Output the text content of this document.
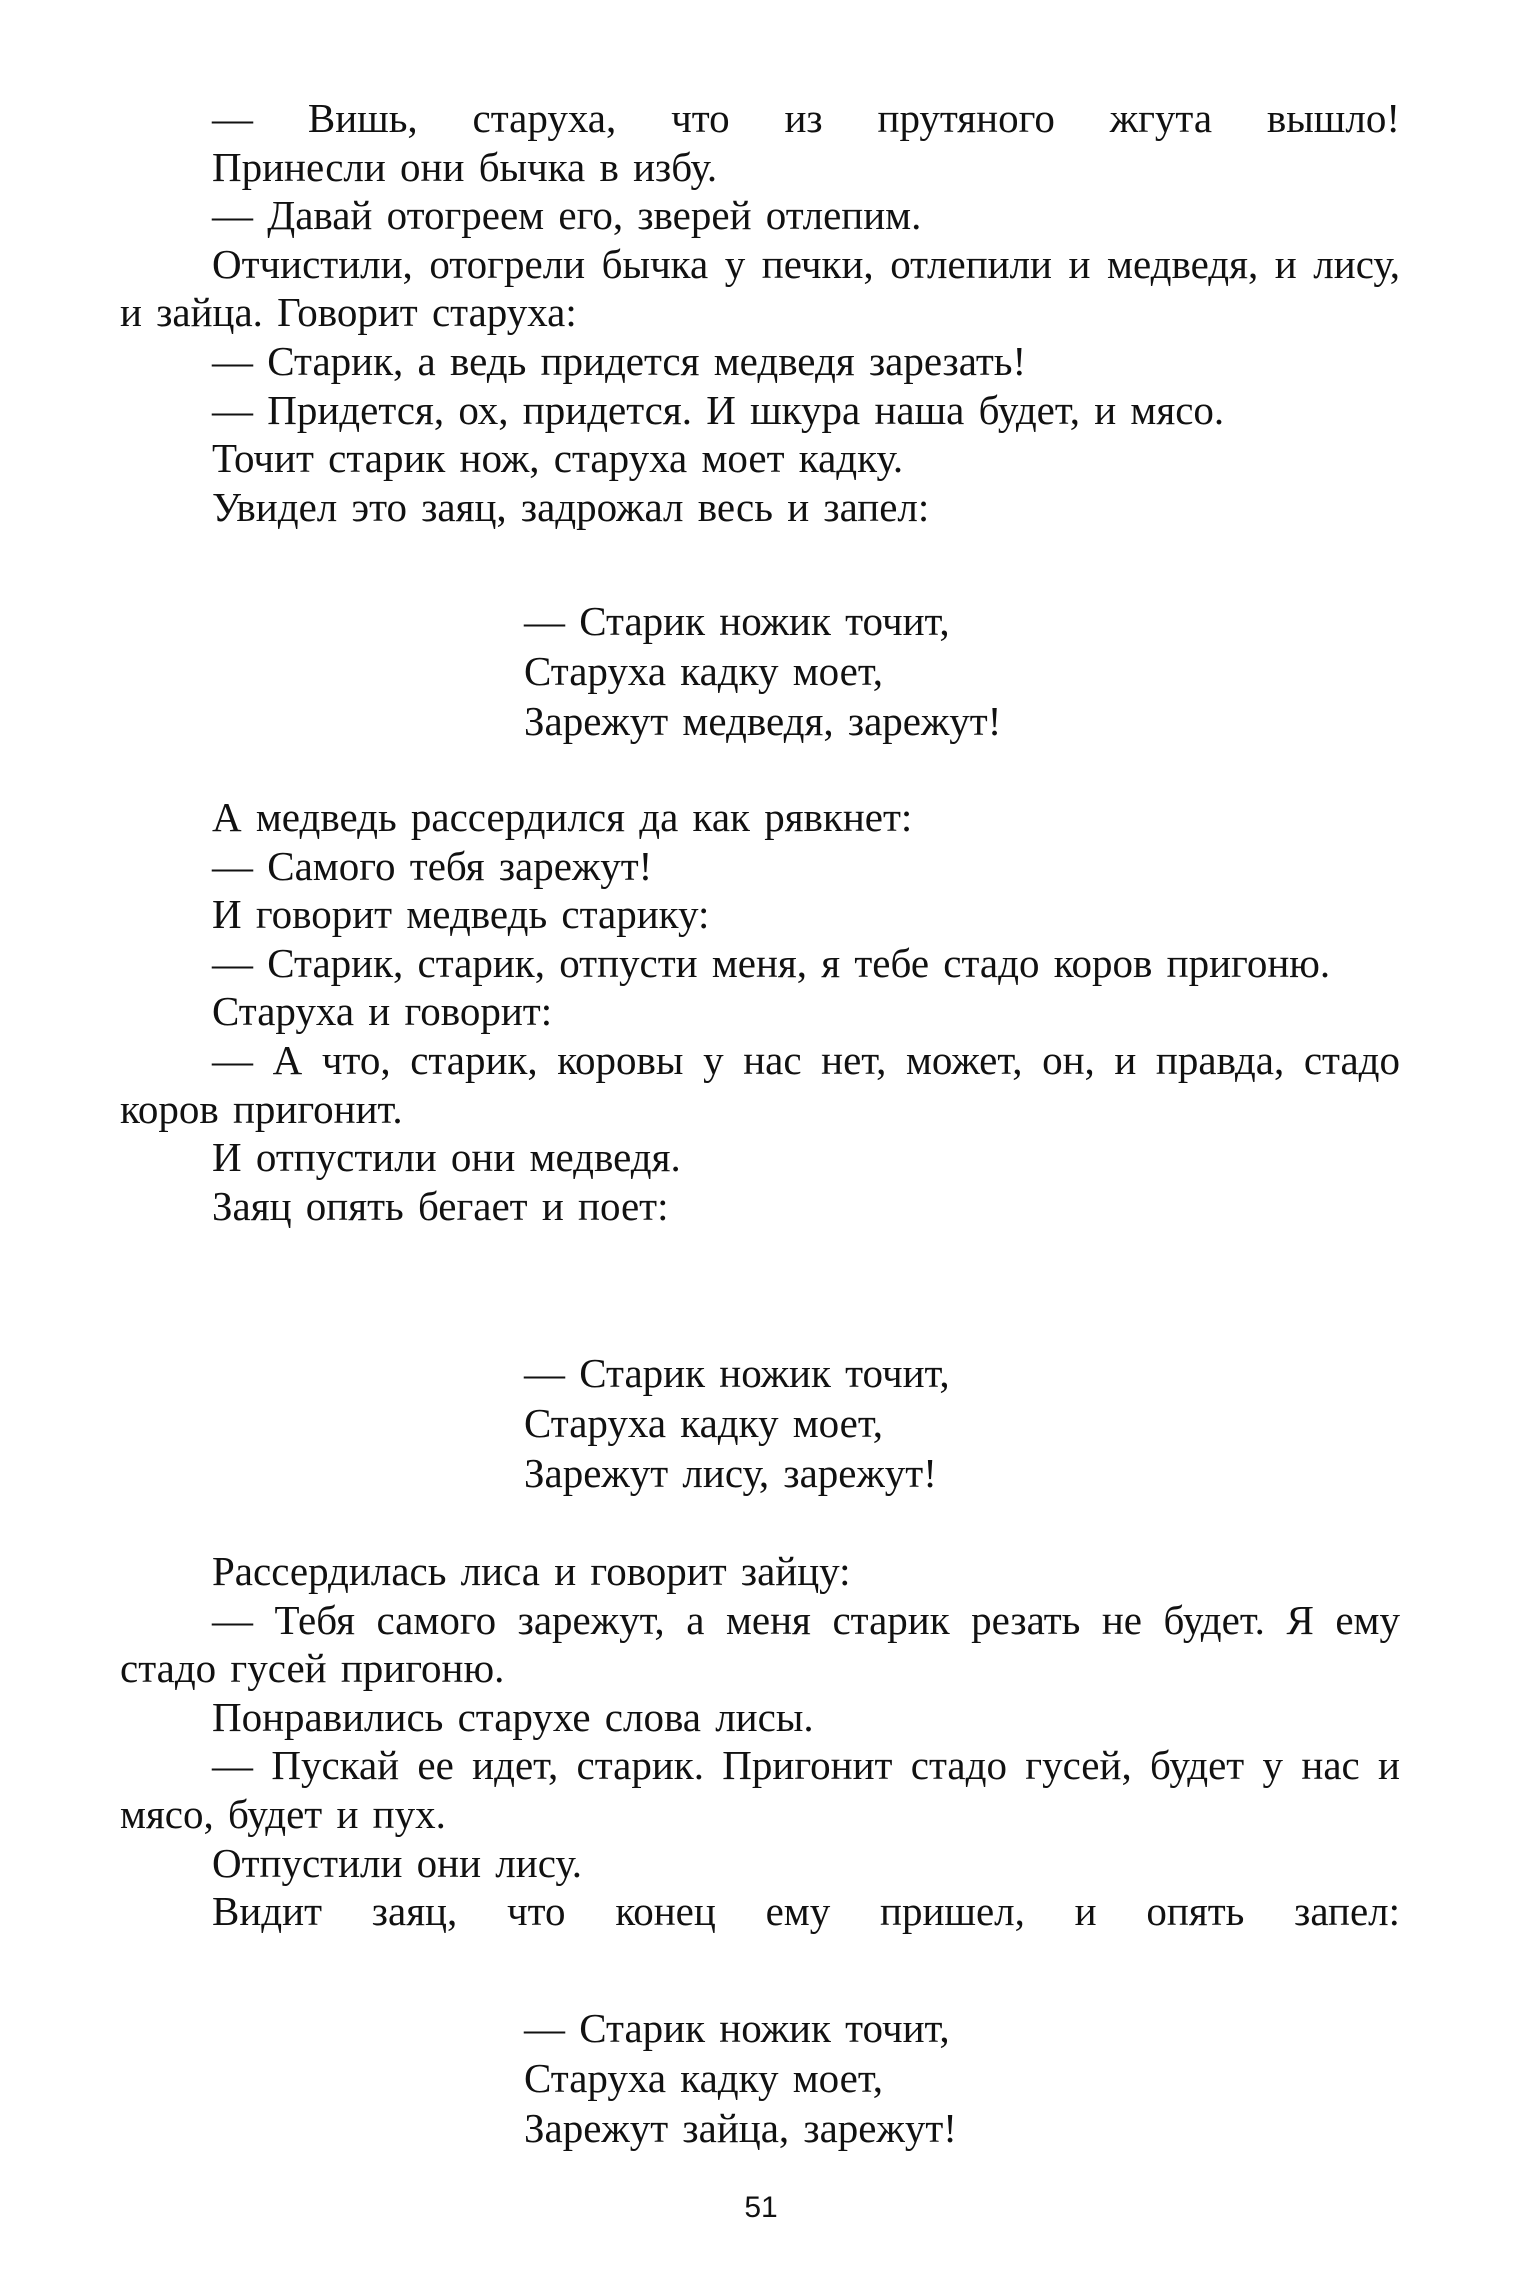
— Вишь, старуха, что из прутяного жгута вышло!

Принесли они бычка в избу.

— Давай отогреем его, зверей отлепим.

Отчистили, отогрели бычка у печки, отлепили и медведя, и лису, и зайца. Говорит старуха:

— Старик, а ведь придется медведя зарезать!

— Придется, ох, придется. И шкура наша будет, и мясо.

Точит старик нож, старуха моет кадку.

Увидел это заяц, задрожал весь и запел:

— Старик ножик точит,

Старуха кадку моет,

Зарежут медведя, зарежут!

А медведь рассердился да как рявкнет:

— Самого тебя зарежут!

И говорит медведь старику:

— Старик, старик, отпусти меня, я тебе стадо коров пригоню.

Старуха и говорит:

— А что, старик, коровы у нас нет, может, он, и правда, стадо коров пригонит.

И отпустили они медведя.

Заяц опять бегает и поет:

— Старик ножик точит,

Старуха кадку моет,

Зарежут лису, зарежут!

Рассердилась лиса и говорит зайцу:

— Тебя самого зарежут, а меня старик резать не будет. Я ему стадо гусей пригоню.

Понравились старухе слова лисы.

— Пускай ее идет, старик. Пригонит стадо гусей, будет у нас и мясо, будет и пух.

Отпустили они лису.

Видит заяц, что конец ему пришел, и опять запел:

— Старик ножик точит,

Старуха кадку моет,

Зарежут зайца, зарежут!

51
